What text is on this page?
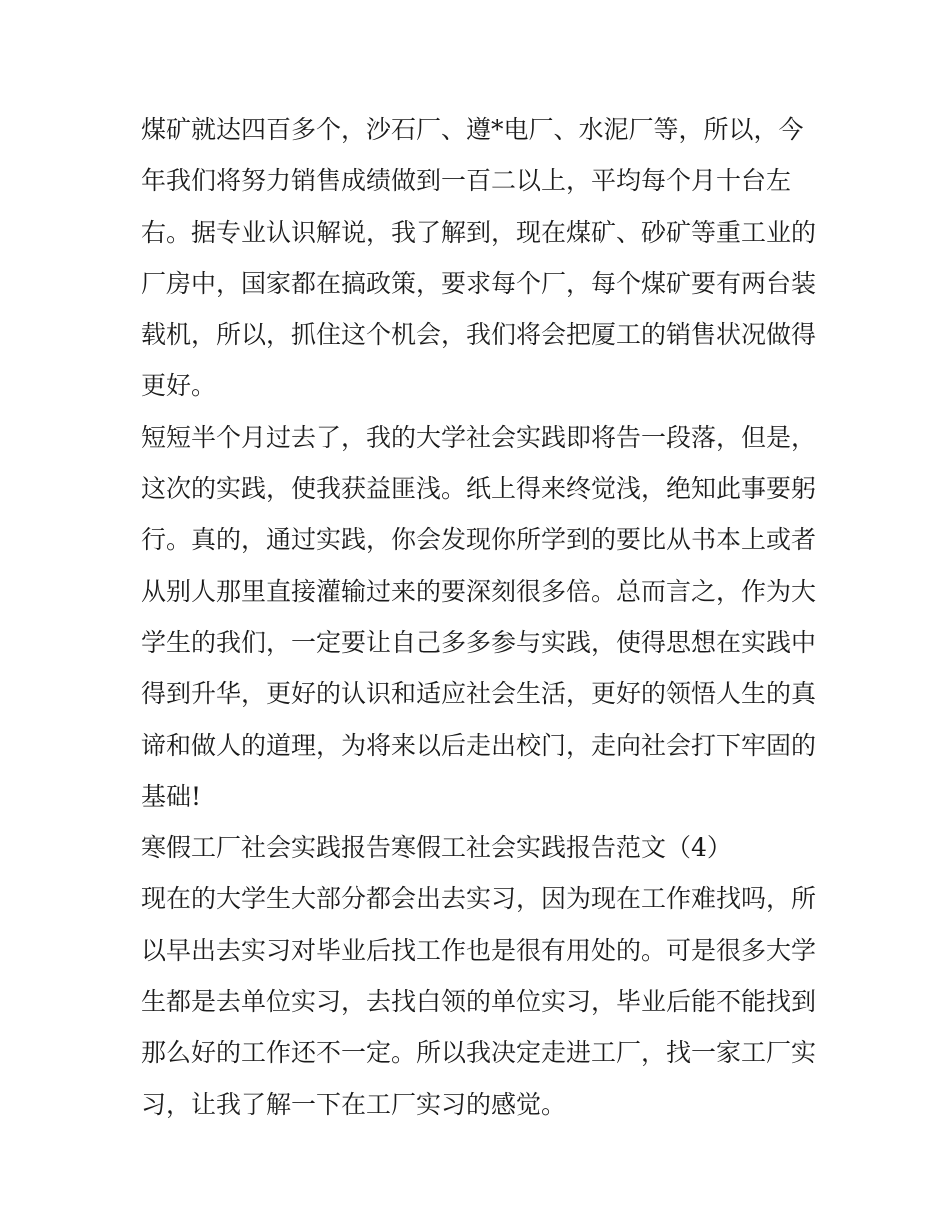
煤矿就达四百多个，沙石厂、遵*电厂、水泥厂等，所以，今
年我们将努力销售成绩做到一百二以上，平均每个月十台左
右。据专业认识解说，我了解到，现在煤矿、砂矿等重工业的
厂房中，国家都在搞政策，要求每个厂，每个煤矿要有两台装
载机，所以，抓住这个机会，我们将会把厦工的销售状况做得
更好。
短短半个月过去了，我的大学社会实践即将告一段落，但是，
这次的实践，使我获益匪浅。纸上得来终觉浅，绝知此事要躬
行。真的，通过实践，你会发现你所学到的要比从书本上或者
从别人那里直接灌输过来的要深刻很多倍。总而言之，作为大
学生的我们，一定要让自己多多参与实践，使得思想在实践中
得到升华，更好的认识和适应社会生活，更好的领悟人生的真
谛和做人的道理，为将来以后走出校门，走向社会打下牢固的
基础!
寒假工厂社会实践报告寒假工社会实践报告范文（4）
现在的大学生大部分都会出去实习，因为现在工作难找吗，所
以早出去实习对毕业后找工作也是很有用处的。可是很多大学
生都是去单位实习，去找白领的单位实习，毕业后能不能找到
那么好的工作还不一定。所以我决定走进工厂，找一家工厂实
习，让我了解一下在工厂实习的感觉。
